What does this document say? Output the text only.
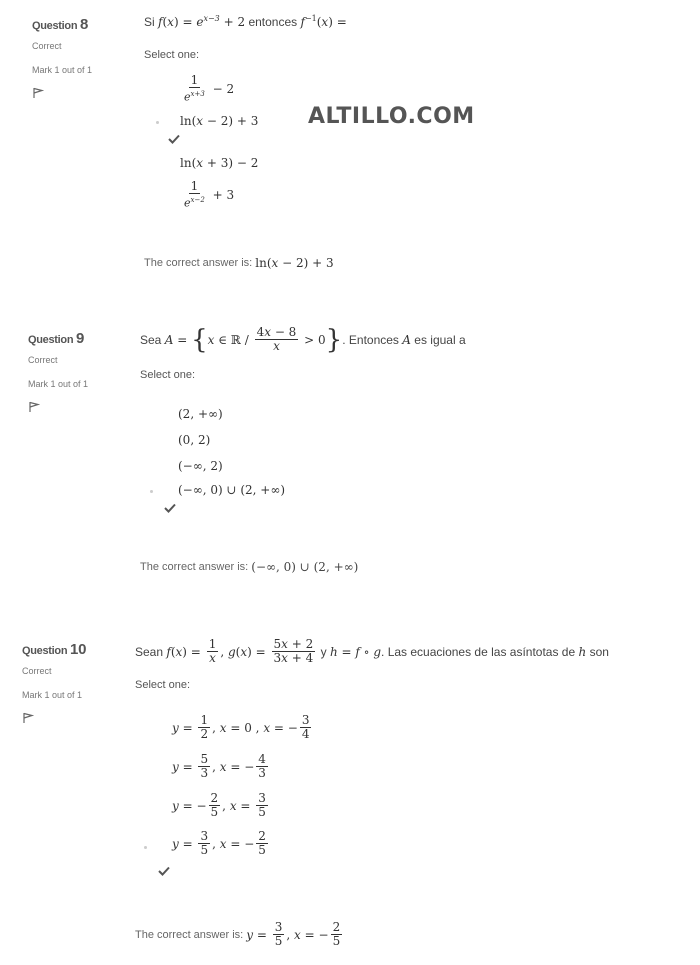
ALTILLO.COM
Question 8
Correct
Mark 1 out of 1
Si
$f(x) = e^{x-3} + 2$
entonces
$f^{-1}(x)$ =
Select one:
$\frac{1}{e^{x+3}} - 2$
ln(x − 2) + 3
ln(x + 3) − 2
$\frac{1}{e^{x-2}} + 3$
The correct answer is:
ln(x − 2) + 3
Question 9
Correct
Mark 1 out of 1
Sea
A =
{ x ∈ ℝ /
$\frac{4x - 8}{x}$
> 0 } . Entonces
A
es igual a
Select one:
(2, +∞)
(0, 2)
(−∞, 2)
(−∞, 0) ∪ (2, +∞)
The correct answer is:
(−∞, 0) ∪ (2, +∞)
Question 10
Correct
Mark 1 out of 1
Sean
f ( x ) =
$\frac{1}{x}$ , g ( x ) =
$\frac{5x + 2}{3x + 4}$
y
h = f ∘ g . Las ecuaciones de las asíntotas de
h
son
Select one:
y =
$\frac{1}{2}$ , x = 0 , x = − $\frac{3}{4}$
y =
$\frac{5}{3}$ , x = − $\frac{4}{3}$
y = − $\frac{2}{5}$ , x =
$\frac{3}{5}$
y =
$\frac{3}{5}$ , x = − $\frac{2}{5}$
The correct answer is:
y =
$\frac{3}{5}$ , x = − $\frac{2}{5}$
